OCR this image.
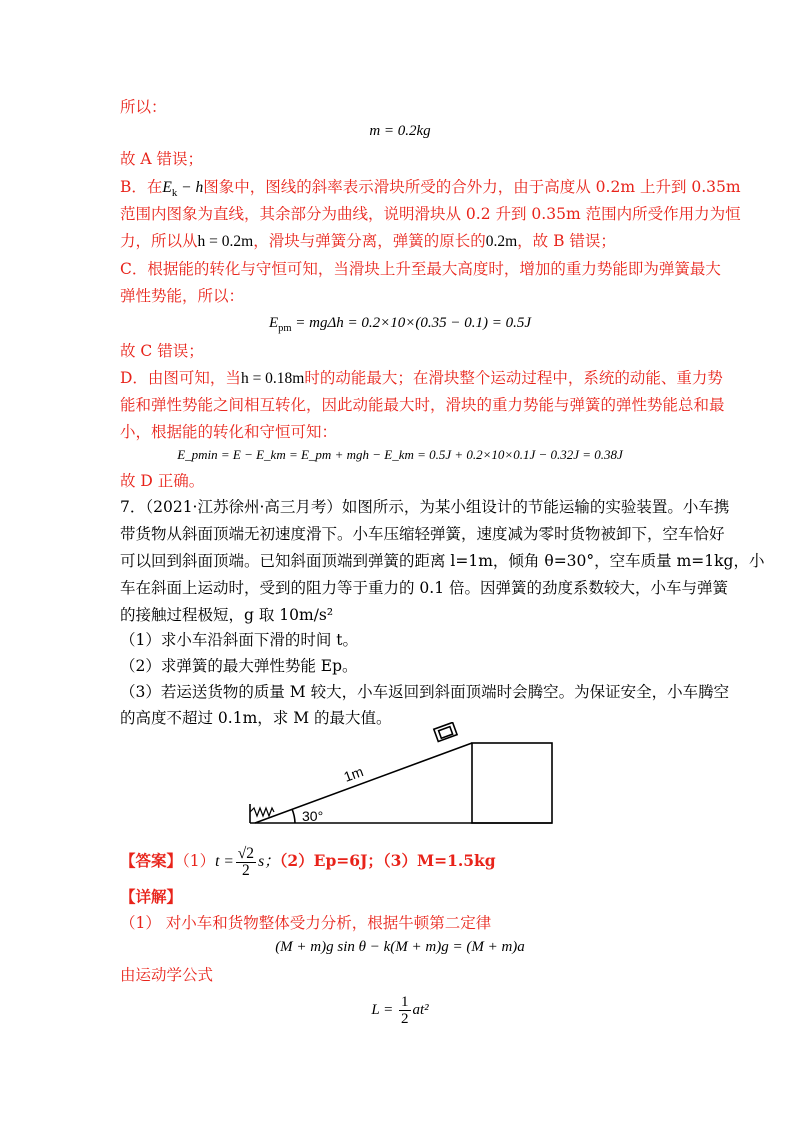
所以：
m = 0.2kg
故 A 错误；
B．在$E_k - h$图象中，图线的斜率表示滑块所受的合外力，由于高度从 0.2m 上升到 0.35m
范围内图象为直线，其余部分为曲线，说明滑块从 0.2 升到 0.35m 范围内所受作用力为恒
力，所以从h = 0.2m，滑块与弹簧分离，弹簧的原长的0.2m，故 B 错误；
C．根据能的转化与守恒可知，当滑块上升至最大高度时，增加的重力势能即为弹簧最大
弹性势能，所以：
$E_{pm} = mg\Delta h = 0.2\times 10\times(0.35 - 0.1) = 0.5J$
故 C 错误；
D．由图可知，当h = 0.18m时的动能最大；在滑块整个运动过程中，系统的动能、重力势
能和弹性势能之间相互转化，因此动能最大时，滑块的重力势能与弹簧的弹性势能总和最
小，根据能的转化和守恒可知：
E_pmin = E − E_km = E_pm + mgh − E_km = 0.5J + 0.2×10×0.1J − 0.32J = 0.38J
故 D 正确。
7．（2021·江苏徐州·高三月考）如图所示，为某小组设计的节能运输的实验装置。小车携
带货物从斜面顶端无初速度滑下。小车压缩轻弹簧，速度减为零时货物被卸下，空车恰好
可以回到斜面顶端。已知斜面顶端到弹簧的距离 l=1m，倾角 θ=30°，空车质量 m=1kg，小
车在斜面上运动时，受到的阻力等于重力的 0.1 倍。因弹簧的劲度系数较大，小车与弹簧
的接触过程极短，g 取 10m/s²
（1）求小车沿斜面下滑的时间 t。
（2）求弹簧的最大弹性势能 Ep。
（3）若运送货物的质量 M 较大，小车返回到斜面顶端时会腾空。为保证安全，小车腾空
的高度不超过 0.1m，求 M 的最大值。
1m
30°
【答案】$(1)t = \frac{√2}{2}$ s；（2）Ep=6J；（3）M=1.5kg
【详解】
（1） 对小车和货物整体受力分析，根据牛顿第二定律
(M + m)g sin θ − k(M + m)g = (M + m)a
由运动学公式
$L = \frac{1}{2} at^2$
